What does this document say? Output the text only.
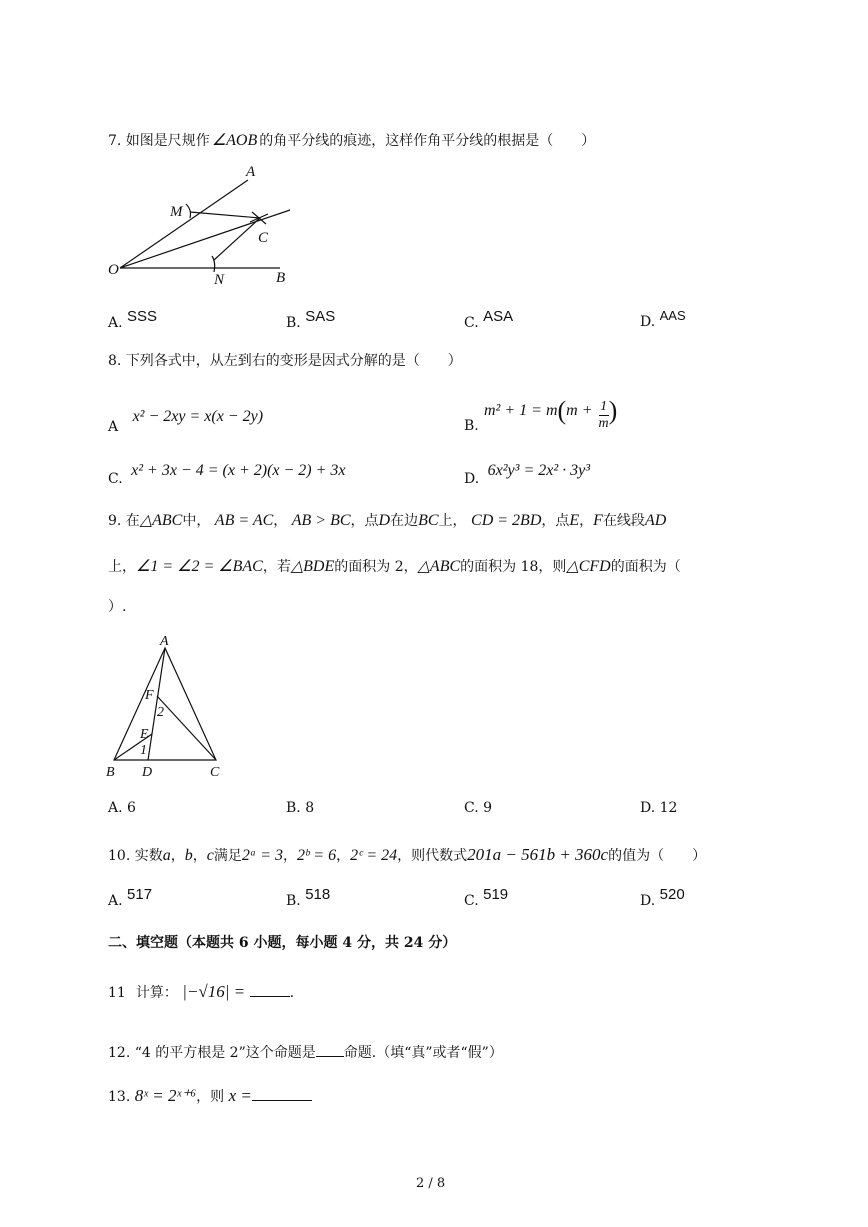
7. 如图是尺规作 ∠AOB 的角平分线的痕迹，这样作角平分线的根据是（　　）
A
M
C
O
N	B
A. SSS	B. SAS	C. ASA	D. AAS
8. 下列各式中，从左到右的变形是因式分解的是（　　）
A x² − 2xy = x(x − 2y)
B.
$m^2 + 1 = m(m + \frac{1}{m}$ )
C. x² + 3x − 4 = (x + 2)(x − 2) + 3x	D. 6x²y³ = 2x² · 3y³
9. 在△ABC中， AB = AC， AB > BC，点D在边BC上， CD = 2BD，点E，F在线段AD
上，∠1 = ∠2 = ∠BAC，若△BDE的面积为 2，△ABC的面积为 18，则△CFD的面积为（
）.
A
F
2
E
1
B D	C
A. 6	B. 8	C. 9	D. 12
10. 实数a，b，c满足2ᵃ = 3，2ᵇ = 6，2ᶜ = 24，则代数式201a − 561b + 360c的值为（　　）
A. 517	B. 518	C. 519	D. 520
二、填空题（本题共 6 小题，每小题 4 分，共 24 分）
11 计算： |−√16| =	.
12. “4 的平方根是 2”这个命题是 命题.（填“真”或者“假”）
13. 8ˣ = 2ˣ⁺⁶，则 x =
2 / 8
